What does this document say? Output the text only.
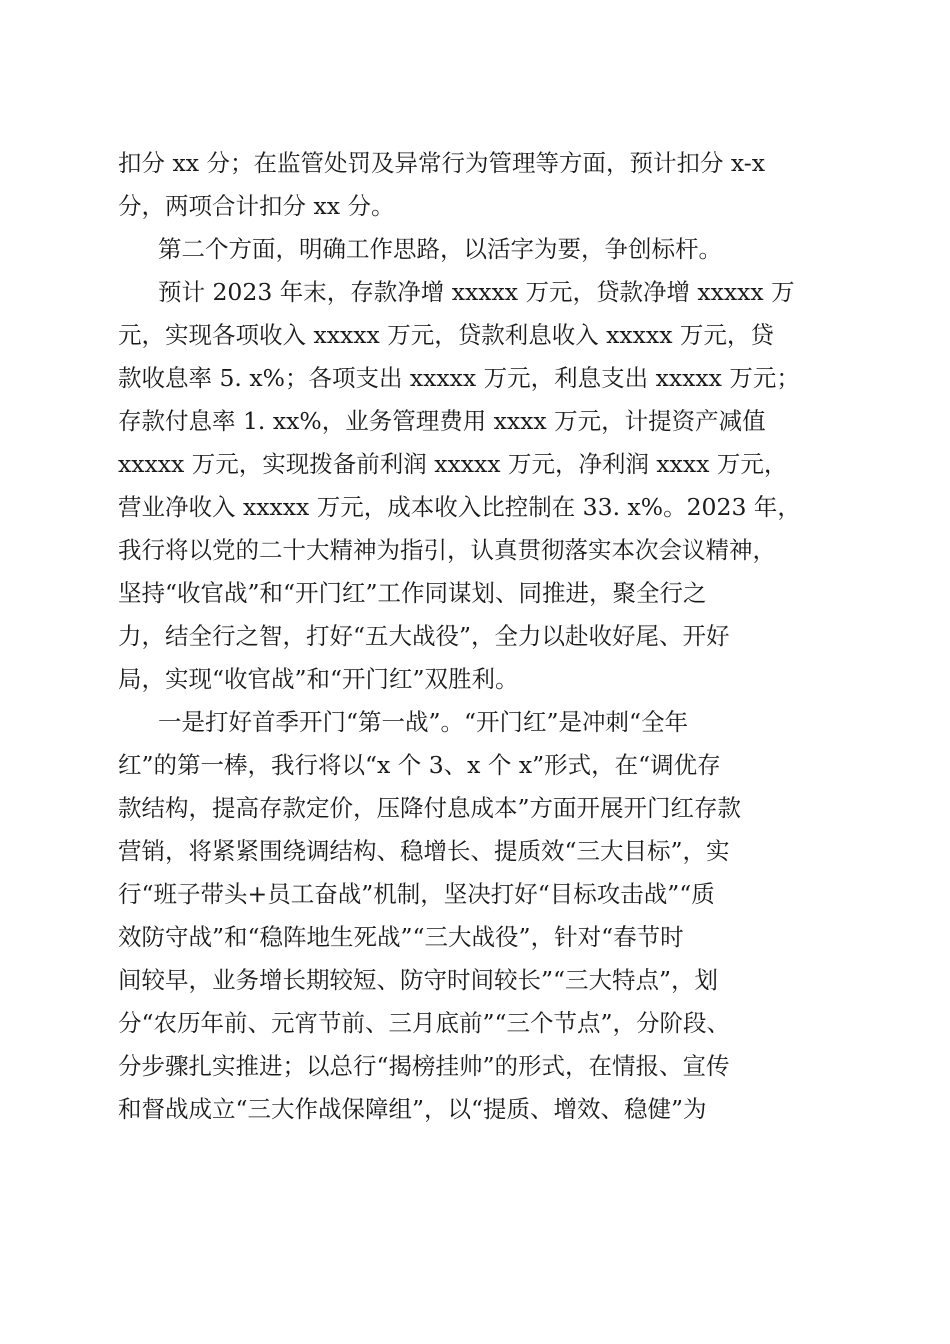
扣分 xx 分；在监管处罚及异常行为管理等方面，预计扣分 x-x
分，两项合计扣分 xx 分。
第二个方面，明确工作思路，以活字为要，争创标杆。
预计 2023 年末，存款净增 xxxxx 万元，贷款净增 xxxxx 万
元，实现各项收入 xxxxx 万元，贷款利息收入 xxxxx 万元，贷
款收息率 5. x%；各项支出 xxxxx 万元，利息支出 xxxxx 万元；
存款付息率 1. xx%，业务管理费用 xxxx 万元，计提资产减值
xxxxx 万元，实现拨备前利润 xxxxx 万元，净利润 xxxx 万元，
营业净收入 xxxxx 万元，成本收入比控制在 33. x%。2023 年，
我行将以党的二十大精神为指引，认真贯彻落实本次会议精神，
坚持“收官战”和“开门红”工作同谋划、同推进，聚全行之
力，结全行之智，打好“五大战役”，全力以赴收好尾、开好
局，实现“收官战”和“开门红”双胜利。
一是打好首季开门“第一战”。“开门红”是冲刺“全年
红”的第一棒，我行将以“x 个 3、x 个 x”形式，在“调优存
款结构，提高存款定价，压降付息成本”方面开展开门红存款
营销，将紧紧围绕调结构、稳增长、提质效“三大目标”，实
行“班子带头+员工奋战”机制，坚决打好“目标攻击战”“质
效防守战”和“稳阵地生死战”“三大战役”，针对“春节时
间较早，业务增长期较短、防守时间较长”“三大特点”，划
分“农历年前、元宵节前、三月底前”“三个节点”，分阶段、
分步骤扎实推进；以总行“揭榜挂帅”的形式，在情报、宣传
和督战成立“三大作战保障组”，以“提质、增效、稳健”为
